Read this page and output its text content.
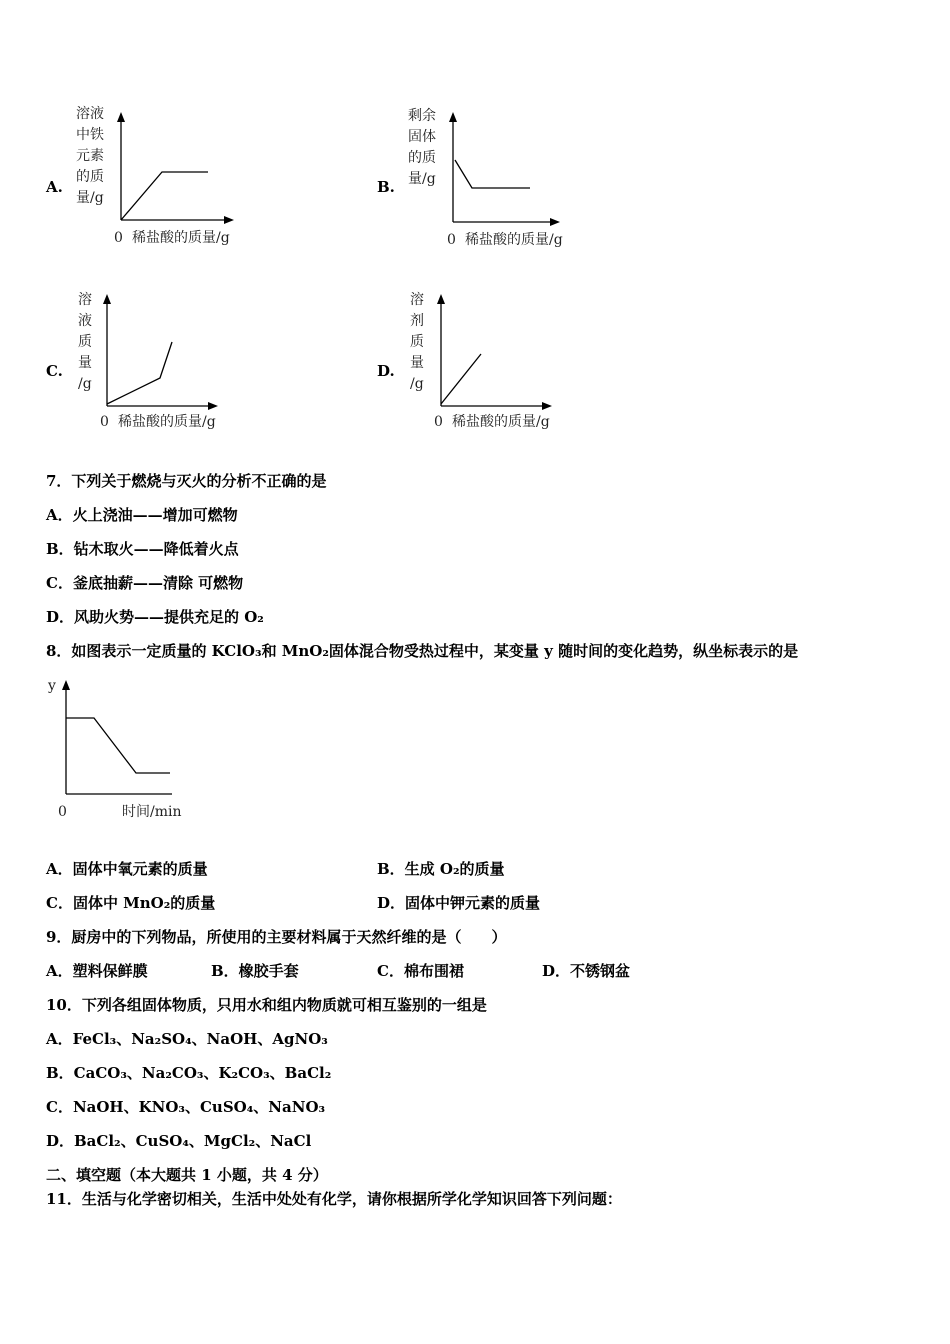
A.
溶液
中铁
元素
的质
量/g
0 稀盐酸的质量/g
B.
剩余
固体
的质
量/g
0 稀盐酸的质量/g
C.
溶
液
质
量
/g
0 稀盐酸的质量/g
D.
溶
剂
质
量
/g
0 稀盐酸的质量/g
7．下列关于燃烧与灭火的分析不正确的是
A．火上浇油——增加可燃物
B．钻木取火——降低着火点
C．釜底抽薪——清除 可燃物
D．风助火势——提供充足的 O₂
8．如图表示一定质量的 KClO₃和 MnO₂固体混合物受热过程中，某变量 y 随时间的变化趋势，纵坐标表示的是
y
0	时间/min
A．固体中氧元素的质量	B．生成 O₂的质量
C．固体中 MnO₂的质量	D．固体中钾元素的质量
9．厨房中的下列物品，所使用的主要材料属于天然纤维的是（　　）
A．塑料保鲜膜	B．橡胶手套	C．棉布围裙	D．不锈钢盆
10．下列各组固体物质，只用水和组内物质就可相互鉴别的一组是
A．FeCl₃、Na₂SO₄、NaOH、AgNO₃
B．CaCO₃、Na₂CO₃、K₂CO₃、BaCl₂
C．NaOH、KNO₃、CuSO₄、NaNO₃
D．BaCl₂、CuSO₄、MgCl₂、NaCl
二、填空题（本大题共 1 小题，共 4 分）
11．生活与化学密切相关，生活中处处有化学，请你根据所学化学知识回答下列问题：
